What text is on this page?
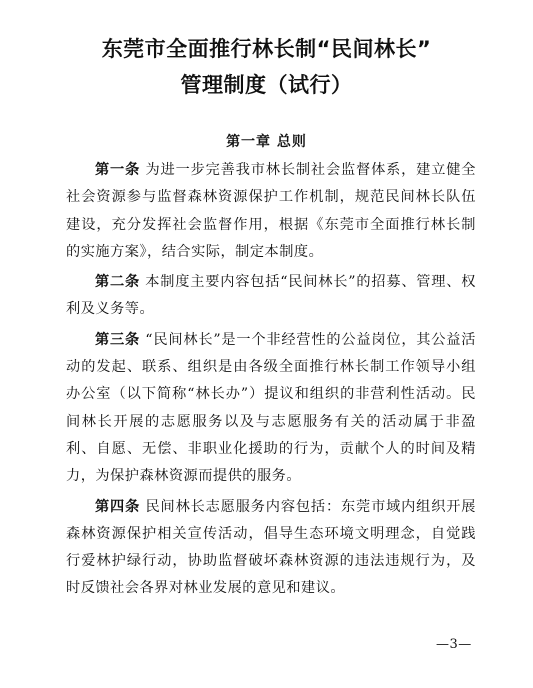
东莞市全面推行林长制“民间林长”
管理制度（试行）
第一章 总则

第一条 为进一步完善我市林长制社会监督体系，建立健全社会资源参与监督森林资源保护工作机制，规范民间林长队伍建设，充分发挥社会监督作用，根据《东莞市全面推行林长制的实施方案》，结合实际，制定本制度。

第二条 本制度主要内容包括“民间林长”的招募、管理、权利及义务等。

第三条 “民间林长”是一个非经营性的公益岗位，其公益活动的发起、联系、组织是由各级全面推行林长制工作领导小组办公室（以下简称“林长办”）提议和组织的非营利性活动。民间林长开展的志愿服务以及与志愿服务有关的活动属于非盈利、自愿、无偿、非职业化援助的行为，贡献个人的时间及精力，为保护森林资源而提供的服务。

第四条 民间林长志愿服务内容包括：东莞市域内组织开展森林资源保护相关宣传活动，倡导生态环境文明理念，自觉践行爱林护绿行动，协助监督破坏森林资源的违法违规行为，及时反馈社会各界对林业发展的意见和建议。

—3—
